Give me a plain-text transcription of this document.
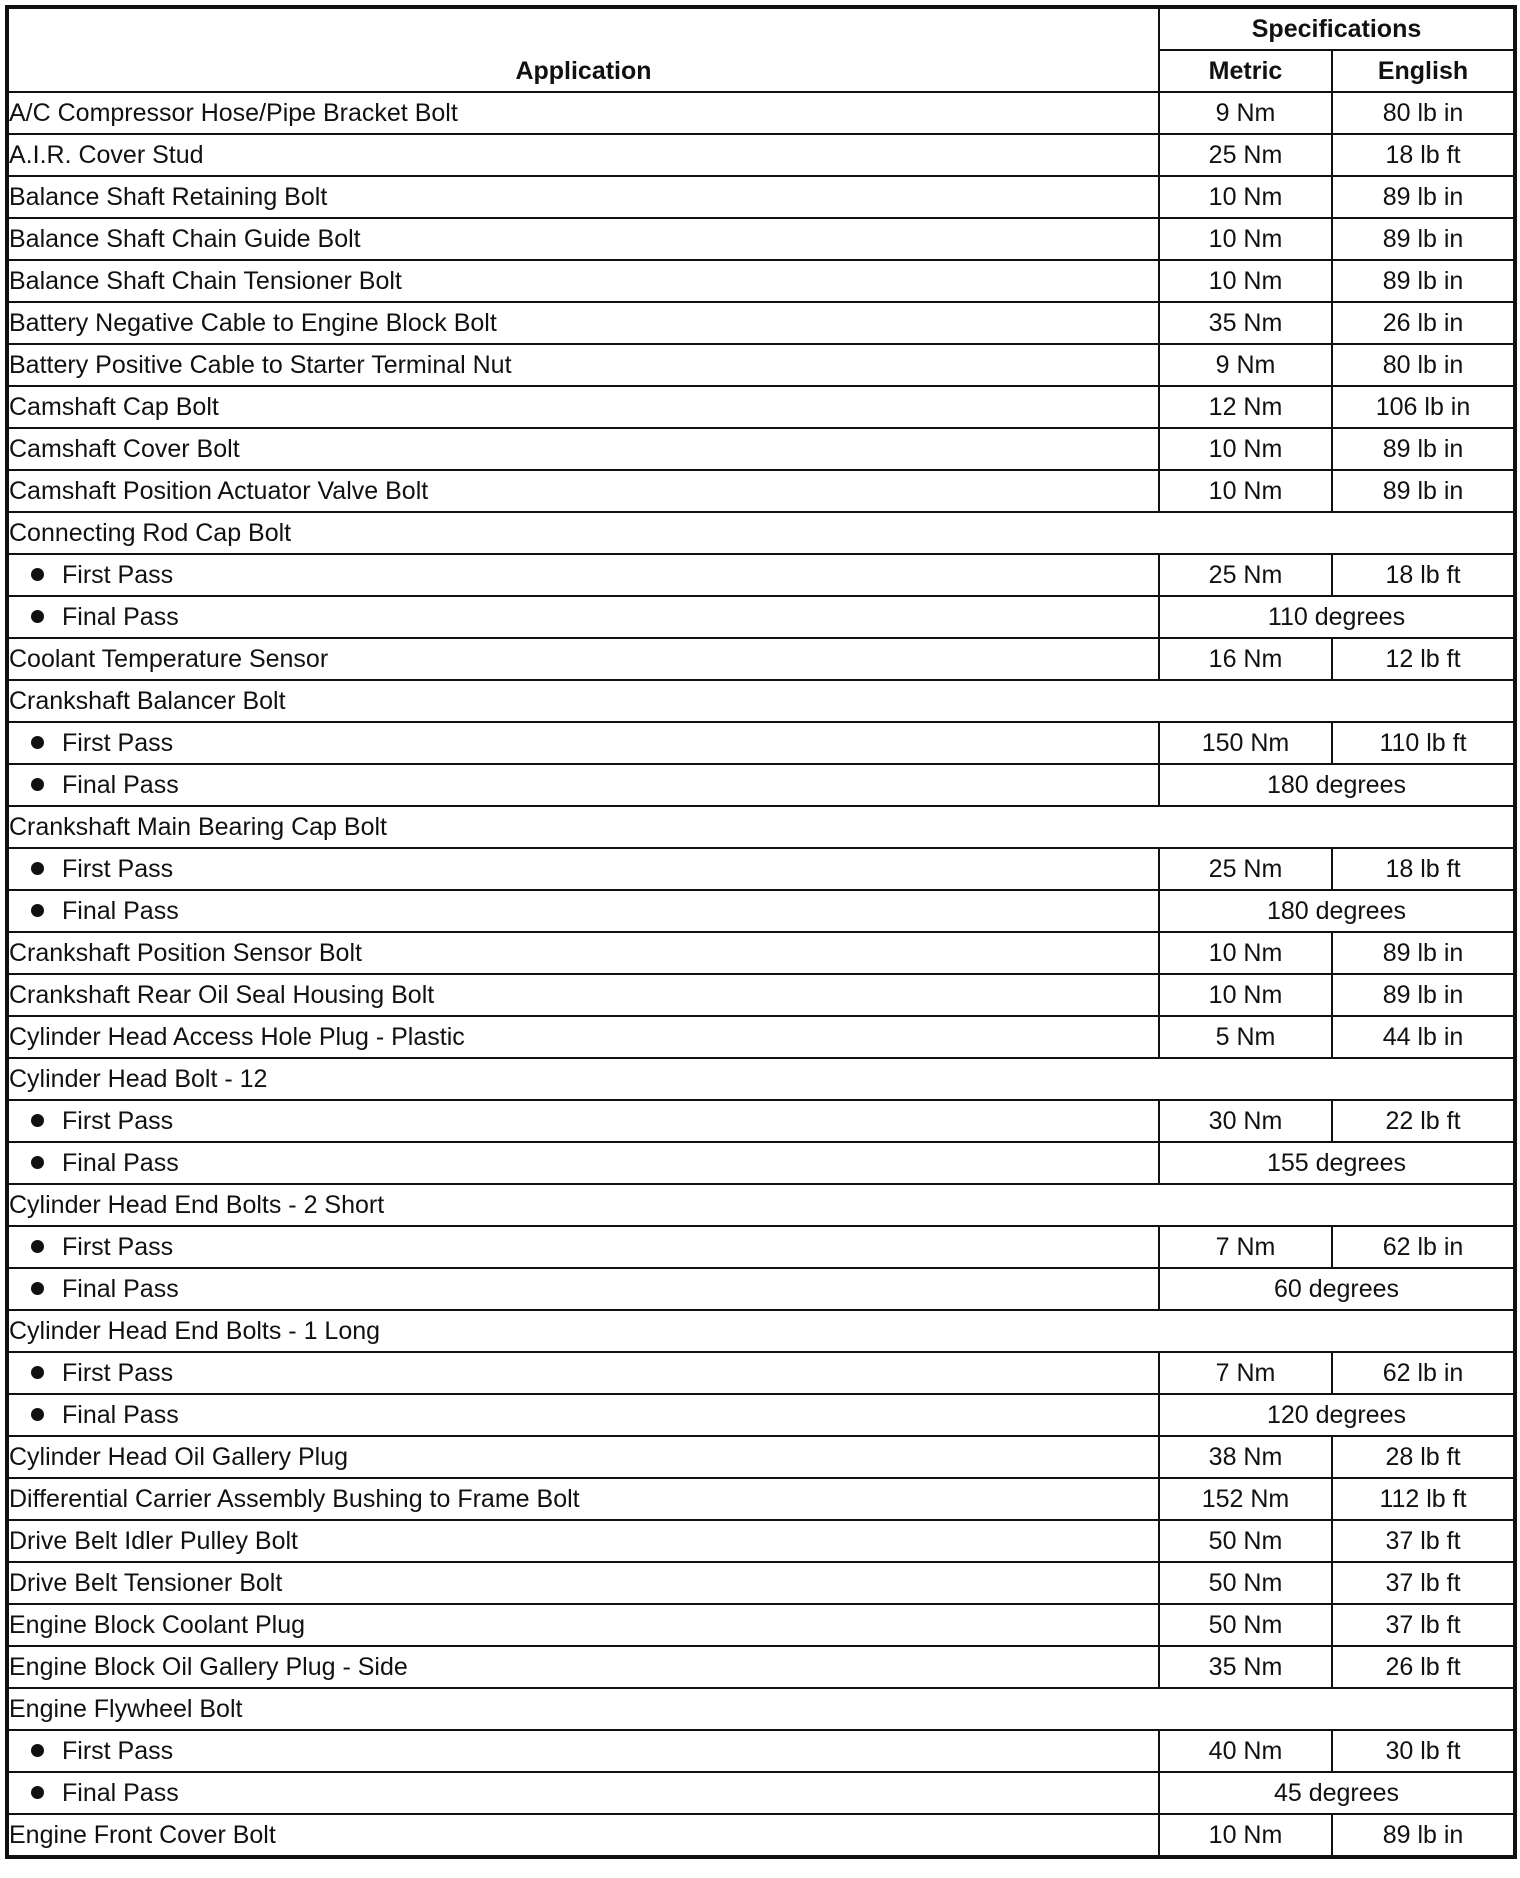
Application	Specifications	
	Metric	English
A/C Compressor Hose/Pipe Bracket Bolt	9 Nm	80 lb in
A.I.R. Cover Stud	25 Nm	18 lb ft
Balance Shaft Retaining Bolt	10 Nm	89 lb in
Balance Shaft Chain Guide Bolt	10 Nm	89 lb in
Balance Shaft Chain Tensioner Bolt	10 Nm	89 lb in
Battery Negative Cable to Engine Block Bolt	35 Nm	26 lb in
Battery Positive Cable to Starter Terminal Nut	9 Nm	80 lb in
Camshaft Cap Bolt	12 Nm	106 lb in
Camshaft Cover Bolt	10 Nm	89 lb in
Camshaft Position Actuator Valve Bolt	10 Nm	89 lb in
Connecting Rod Cap Bolt		
First Pass	25 Nm	18 lb ft
Final Pass	110 degrees	
Coolant Temperature Sensor	16 Nm	12 lb ft
Crankshaft Balancer Bolt		
First Pass	150 Nm	110 lb ft
Final Pass	180 degrees	
Crankshaft Main Bearing Cap Bolt		
First Pass	25 Nm	18 lb ft
Final Pass	180 degrees	
Crankshaft Position Sensor Bolt	10 Nm	89 lb in
Crankshaft Rear Oil Seal Housing Bolt	10 Nm	89 lb in
Cylinder Head Access Hole Plug - Plastic	5 Nm	44 lb in
Cylinder Head Bolt - 12		
First Pass	30 Nm	22 lb ft
Final Pass	155 degrees	
Cylinder Head End Bolts - 2 Short		
First Pass	7 Nm	62 lb in
Final Pass	60 degrees	
Cylinder Head End Bolts - 1 Long		
First Pass	7 Nm	62 lb in
Final Pass	120 degrees	
Cylinder Head Oil Gallery Plug	38 Nm	28 lb ft
Differential Carrier Assembly Bushing to Frame Bolt	152 Nm	112 lb ft
Drive Belt Idler Pulley Bolt	50 Nm	37 lb ft
Drive Belt Tensioner Bolt	50 Nm	37 lb ft
Engine Block Coolant Plug	50 Nm	37 lb ft
Engine Block Oil Gallery Plug - Side	35 Nm	26 lb ft
Engine Flywheel Bolt		
First Pass	40 Nm	30 lb ft
Final Pass	45 degrees	
Engine Front Cover Bolt	10 Nm	89 lb in
